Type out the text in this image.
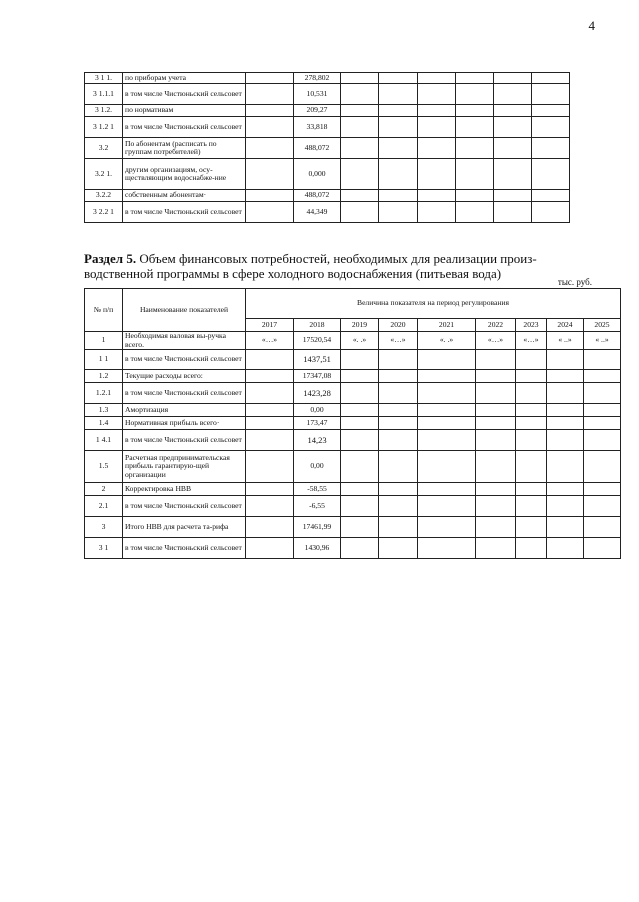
4
3 1 1.	по приборам учета		278,802						
3 1.1.1	в том числе Чистюньский сельсовет		10,531						
3 1.2.	по нормативам		209,27						
3 1.2 1	в том числе Чистюньский сельсовет		33,818						
3.2	По абонентам (расписать по группам потребителей)		488,072						
3.2 1.	другим организациям, осу-ществляющим водоснабже-ние		0,000						
3.2.2	собственным абонентам·		488,072						
3 2.2 1	в том числе Чистюньский сельсовет		44,349						
Раздел 5. Объем финансовых потребностей, необходимых для реализации произ-водственной программы в сфере холодного водоснабжения (питьевая вода)
тыс. руб.
№ п/п	Наименование показателей	Величина показателя на период регулирования								
		2017	2018	2019	2020	2021	2022	2023	2024	2025
1	Необходимая валовая вы-ручка всего.	«…»	17520,54	«. .»	«…»	«. .»	«…»	«…»	« ..»	« ..»
1 1	в том числе Чистюньский сельсовет		1437,51							
1.2	Текущие расходы всего:		17347,08							
1.2.1	в том числе Чистюньский сельсовет		1423,28							
1.3	Амортизация		0,00							
1.4	Нормативная прибыль всего·		173,47							
1 4.1	в том числе Чистюньский сельсовет		14,23							
1.5	Расчетная предпринимательская прибыль гарантирую-щей организации		0,00							
2	Корректировка НВВ		-58,55							
2.1	в том числе Чистюньский сельсовет		-6,55							
3	Итого НВВ для расчета та-рифа		17461,99							
3 1	в том числе Чистюньский сельсовет		1430,96							
